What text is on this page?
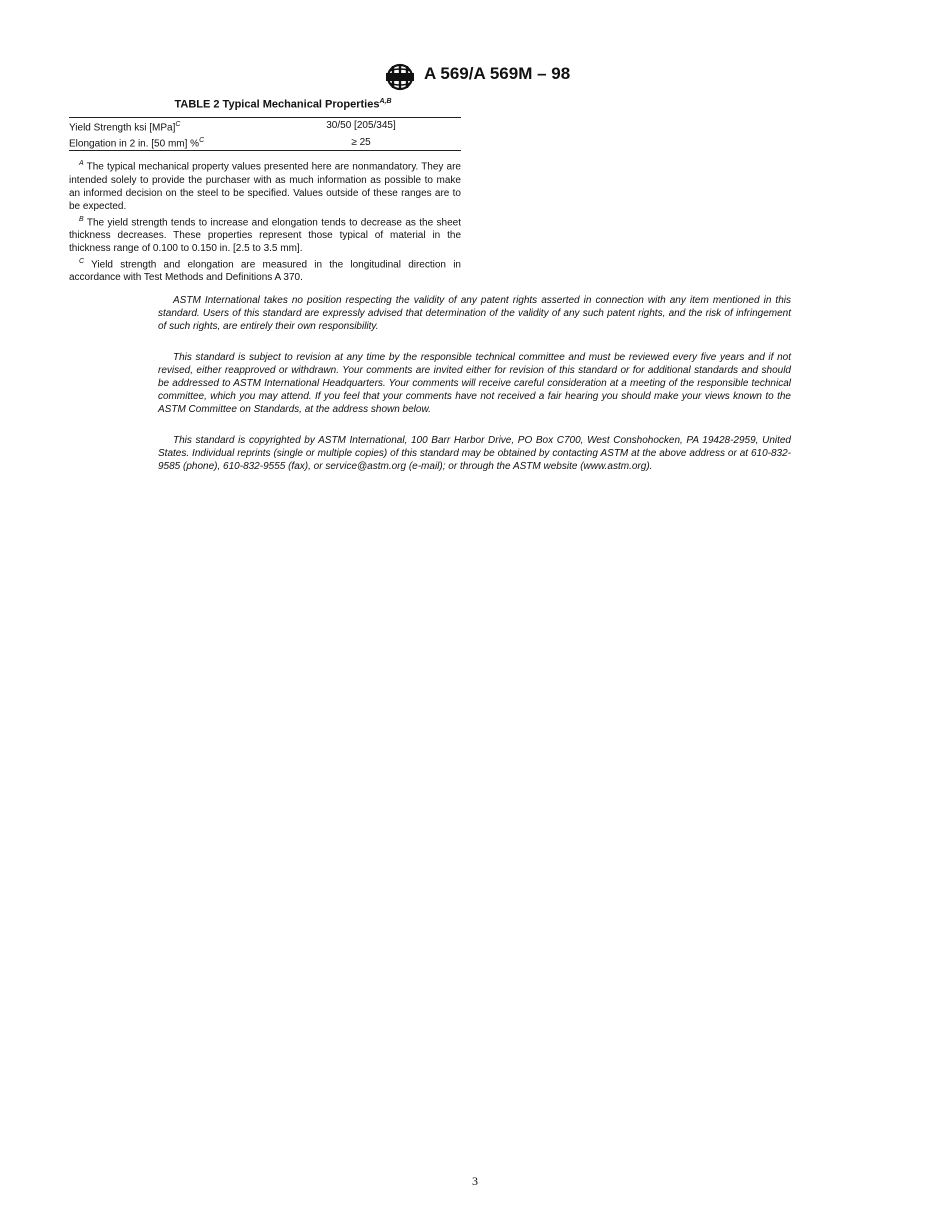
A 569/A 569M – 98
TABLE 2 Typical Mechanical Properties$^{A,B}$
Yield Strength ksi [MPa]$^C$	30/50 [205/345]
Elongation in 2 in. [50 mm] %$^C$	≥ 25

$^A$ The typical mechanical property values presented here are nonmandatory. They are intended solely to provide the purchaser with as much information as possible to make an informed decision on the steel to be specified. Values outside of these ranges are to be expected.

$^B$ The yield strength tends to increase and elongation tends to decrease as the sheet thickness decreases. These properties represent those typical of material in the thickness range of 0.100 to 0.150 in. [2.5 to 3.5 mm].

$^C$ Yield strength and elongation are measured in the longitudinal direction in accordance with Test Methods and Definitions A 370.

ASTM International takes no position respecting the validity of any patent rights asserted in connection with any item mentioned in this standard. Users of this standard are expressly advised that determination of the validity of any such patent rights, and the risk of infringement of such rights, are entirely their own responsibility.

This standard is subject to revision at any time by the responsible technical committee and must be reviewed every five years and if not revised, either reapproved or withdrawn. Your comments are invited either for revision of this standard or for additional standards and should be addressed to ASTM International Headquarters. Your comments will receive careful consideration at a meeting of the responsible technical committee, which you may attend. If you feel that your comments have not received a fair hearing you should make your views known to the ASTM Committee on Standards, at the address shown below.

This standard is copyrighted by ASTM International, 100 Barr Harbor Drive, PO Box C700, West Conshohocken, PA 19428-2959, United States. Individual reprints (single or multiple copies) of this standard may be obtained by contacting ASTM at the above address or at 610-832-9585 (phone), 610-832-9555 (fax), or service@astm.org (e-mail); or through the ASTM website (www.astm.org).

3
